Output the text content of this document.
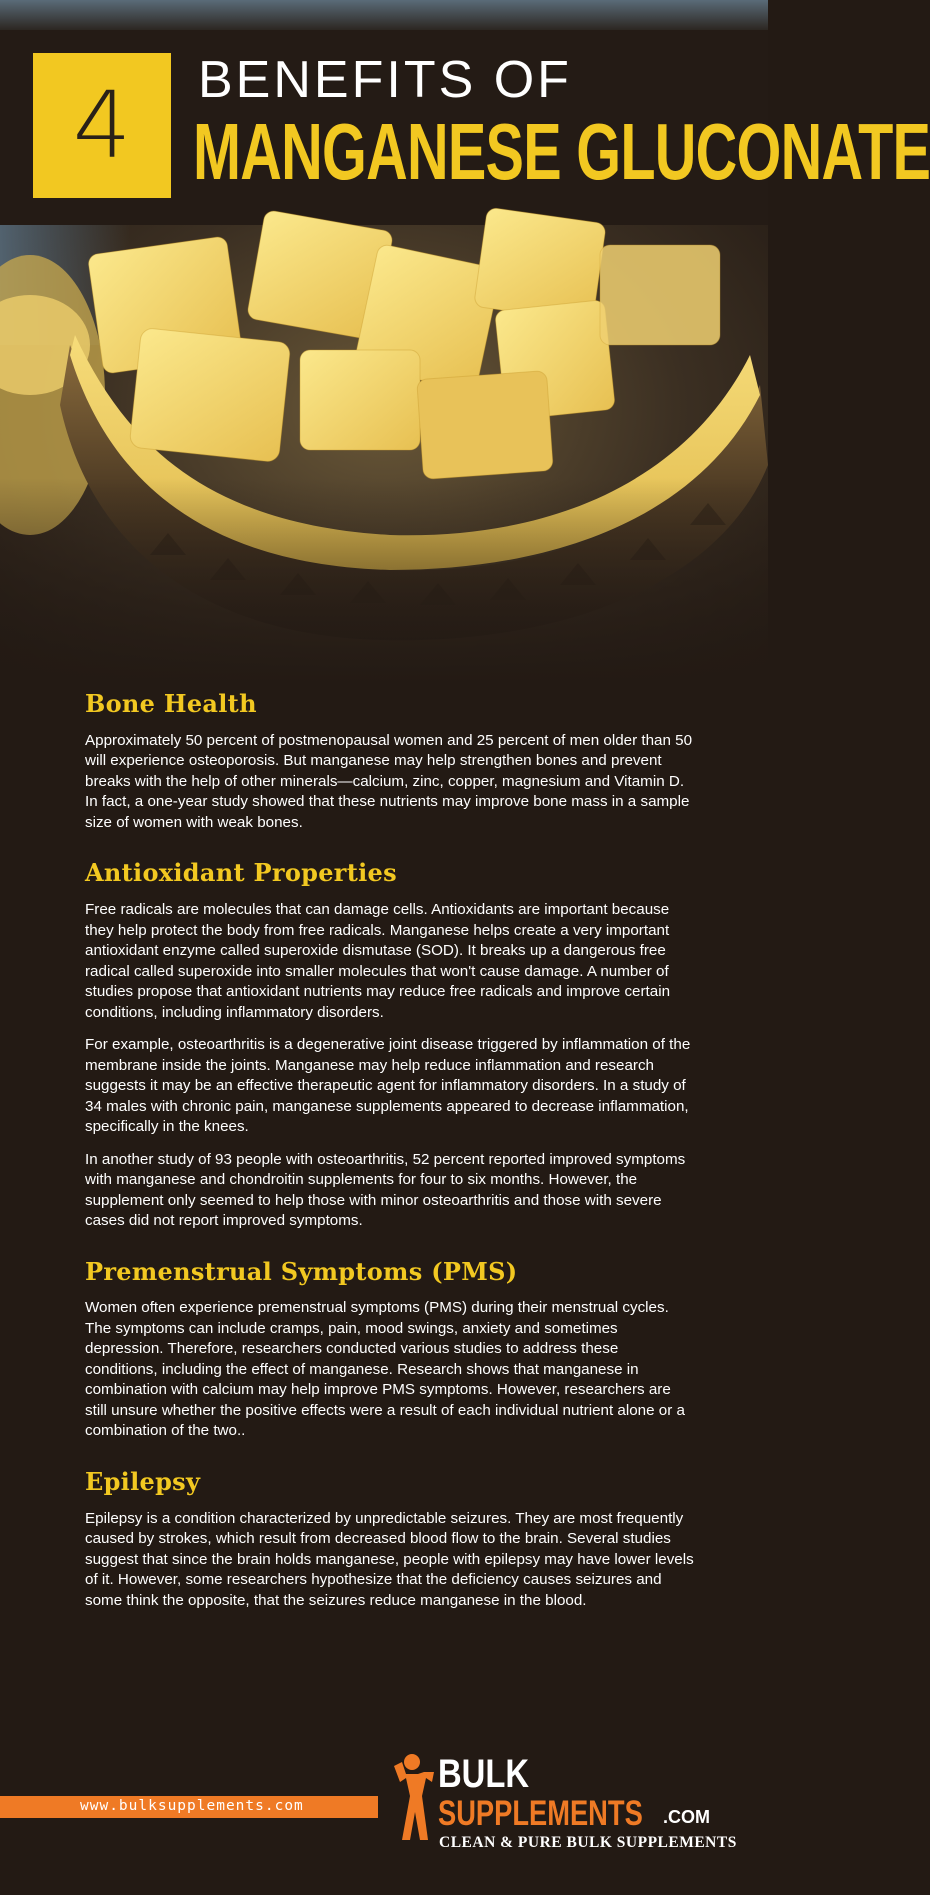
4 BENEFITS OF
MANGANESE GLUCONATE
Bone Health

Approximately 50 percent of postmenopausal women and 25 percent of men older than 50 will experience osteoporosis. But manganese may help strengthen bones and prevent breaks with the help of other minerals—calcium, zinc, copper, magnesium and Vitamin D. In fact, a one-year study showed that these nutrients may improve bone mass in a sample size of women with weak bones.

Antioxidant Properties

Free radicals are molecules that can damage cells. Antioxidants are important because they help protect the body from free radicals. Manganese helps create a very important antioxidant enzyme called superoxide dismutase (SOD). It breaks up a dangerous free radical called superoxide into smaller molecules that won't cause damage. A number of studies propose that antioxidant nutrients may reduce free radicals and improve certain conditions, including inflammatory disorders.

For example, osteoarthritis is a degenerative joint disease triggered by inflammation of the membrane inside the joints. Manganese may help reduce inflammation and research suggests it may be an effective therapeutic agent for inflammatory disorders. In a study of 34 males with chronic pain, manganese supplements appeared to decrease inflammation, specifically in the knees.

In another study of 93 people with osteoarthritis, 52 percent reported improved symptoms with manganese and chondroitin supplements for four to six months. However, the supplement only seemed to help those with minor osteoarthritis and those with severe cases did not report improved symptoms.

Premenstrual Symptoms (PMS)

Women often experience premenstrual symptoms (PMS) during their menstrual cycles. The symptoms can include cramps, pain, mood swings, anxiety and sometimes depression. Therefore, researchers conducted various studies to address these conditions, including the effect of manganese. Research shows that manganese in combination with calcium may help improve PMS symptoms. However, researchers are still unsure whether the positive effects were a result of each individual nutrient alone or a combination of the two..

Epilepsy

Epilepsy is a condition characterized by unpredictable seizures. They are most frequently caused by strokes, which result from decreased blood flow to the brain. Several studies suggest that since the brain holds manganese, people with epilepsy may have lower levels of it. However, some researchers hypothesize that the deficiency causes seizures and some think the opposite, that the seizures reduce manganese in the blood.

www.bulksupplements.com
BULK
SUPPLEMENTS .COM
CLEAN & PURE BULK SUPPLEMENTS
